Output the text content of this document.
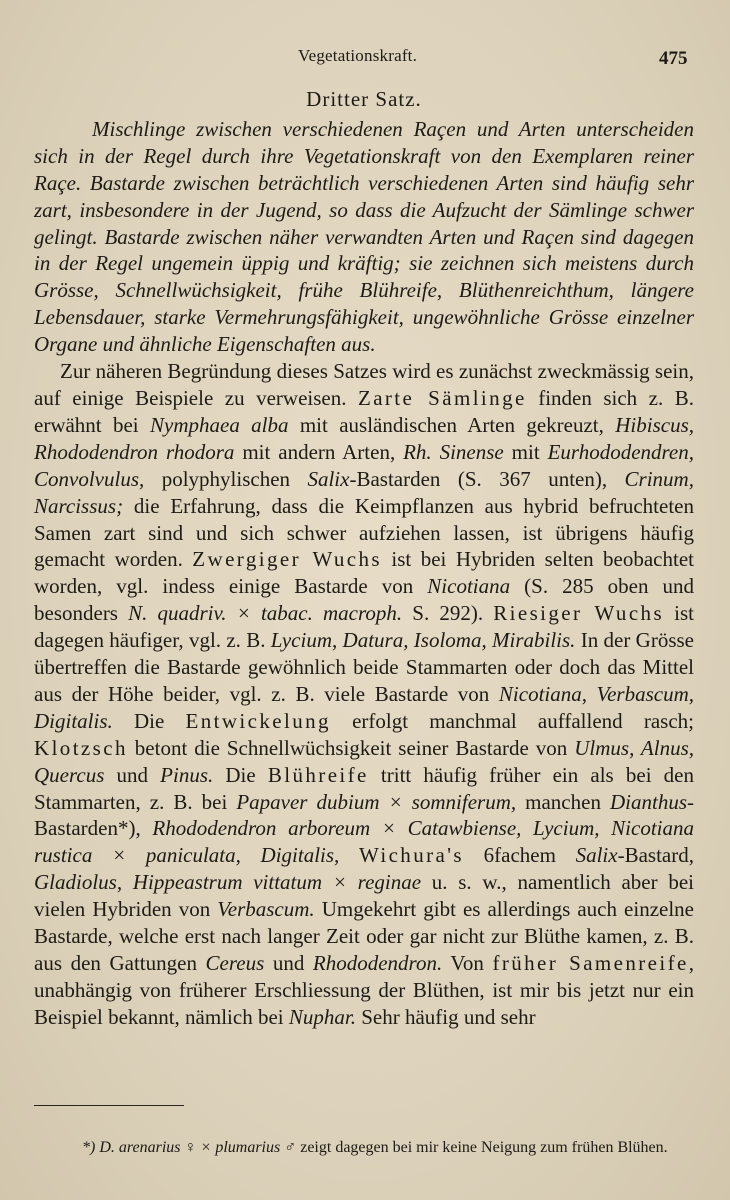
Vegetationskraft.	475
Dritter Satz.

Mischlinge zwischen verschiedenen Raçen und Arten unterscheiden sich in der Regel durch ihre Vegetationskraft von den Exemplaren reiner Raçe. Bastarde zwischen beträchtlich verschiedenen Arten sind häufig sehr zart, insbesondere in der Jugend, so dass die Aufzucht der Sämlinge schwer gelingt. Bastarde zwischen näher verwandten Arten und Raçen sind dagegen in der Regel ungemein üppig und kräftig; sie zeichnen sich meistens durch Grösse, Schnellwüchsigkeit, frühe Blühreife, Blüthenreichthum, längere Lebensdauer, starke Vermehrungsfähigkeit, ungewöhnliche Grösse einzelner Organe und ähnliche Eigenschaften aus.

Zur näheren Begründung dieses Satzes wird es zunächst zweckmässig sein, auf einige Beispiele zu verweisen. Zarte Sämlinge finden sich z. B. erwähnt bei Nymphaea alba mit ausländischen Arten gekreuzt, Hibiscus, Rhododendron rhodora mit andern Arten, Rh. Sinense mit Eurhododendren, Convolvulus, polyphylischen Salix-Bastarden (S. 367 unten), Crinum, Narcissus; die Erfahrung, dass die Keimpflanzen aus hybrid befruchteten Samen zart sind und sich schwer aufziehen lassen, ist übrigens häufig gemacht worden. Zwergiger Wuchs ist bei Hybriden selten beobachtet worden, vgl. indess einige Bastarde von Nicotiana (S. 285 oben und besonders N. quadriv. × tabac. macroph. S. 292). Riesiger Wuchs ist dagegen häufiger, vgl. z. B. Lycium, Datura, Isoloma, Mirabilis. In der Grösse übertreffen die Bastarde gewöhnlich beide Stammarten oder doch das Mittel aus der Höhe beider, vgl. z. B. viele Bastarde von Nicotiana, Verbascum, Digitalis. Die Entwickelung erfolgt manchmal auffallend rasch; Klotzsch betont die Schnellwüchsigkeit seiner Bastarde von Ulmus, Alnus, Quercus und Pinus. Die Blühreife tritt häufig früher ein als bei den Stammarten, z. B. bei Papaver dubium × somniferum, manchen Dianthus-Bastarden*), Rhododendron arboreum × Catawbiense, Lycium, Nicotiana rustica × paniculata, Digitalis, Wichura's 6fachem Salix-Bastard, Gladiolus, Hippeastrum vittatum × reginae u. s. w., namentlich aber bei vielen Hybriden von Verbascum. Umgekehrt gibt es allerdings auch einzelne Bastarde, welche erst nach langer Zeit oder gar nicht zur Blüthe kamen, z. B. aus den Gattungen Cereus und Rhododendron. Von früher Samenreife, unabhängig von früherer Erschliessung der Blüthen, ist mir bis jetzt nur ein Beispiel bekannt, nämlich bei Nuphar. Sehr häufig und sehr

*) D. arenarius ♀ × plumarius ♂ zeigt dagegen bei mir keine Neigung zum frühen Blühen.
